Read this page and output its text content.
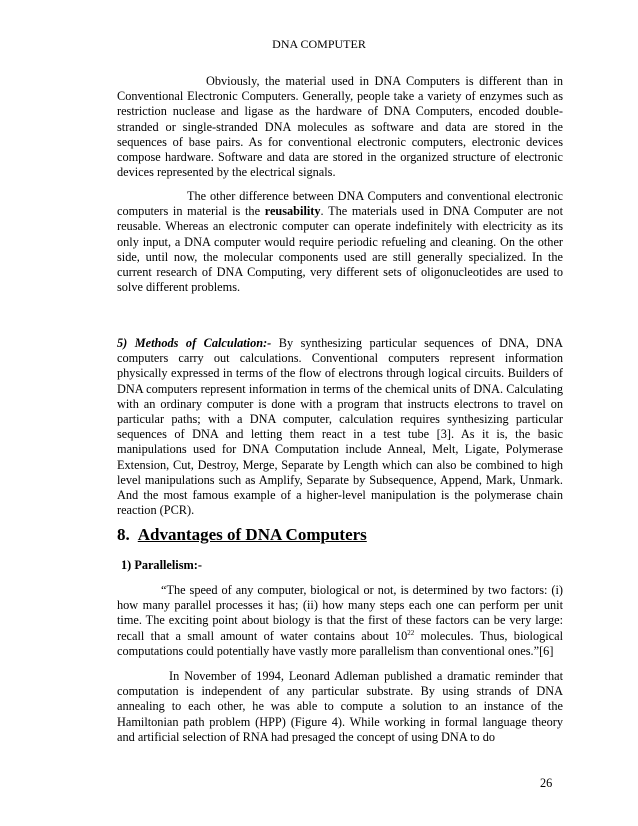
DNA COMPUTER

Obviously, the material used in DNA Computers is different than in Conventional Electronic Computers. Generally, people take a variety of enzymes such as restriction nuclease and ligase as the hardware of DNA Computers, encoded double-stranded or single-stranded DNA molecules as software and data are stored in the sequences of base pairs. As for conventional electronic computers, electronic devices compose hardware. Software and data are stored in the organized structure of electronic devices represented by the electrical signals.

The other difference between DNA Computers and conventional electronic computers in material is the reusability. The materials used in DNA Computer are not reusable. Whereas an electronic computer can operate indefinitely with electricity as its only input, a DNA computer would require periodic refueling and cleaning. On the other side, until now, the molecular components used are still generally specialized. In the current research of DNA Computing, very different sets of oligonucleotides are used to solve different problems.

5) Methods of Calculation:- By synthesizing particular sequences of DNA, DNA computers carry out calculations. Conventional computers represent information physically expressed in terms of the flow of electrons through logical circuits. Builders of DNA computers represent information in terms of the chemical units of DNA. Calculating with an ordinary computer is done with a program that instructs electrons to travel on particular paths; with a DNA computer, calculation requires synthesizing particular sequences of DNA and letting them react in a test tube [3]. As it is, the basic manipulations used for DNA Computation include Anneal, Melt, Ligate, Polymerase Extension, Cut, Destroy, Merge, Separate by Length which can also be combined to high level manipulations such as Amplify, Separate by Subsequence, Append, Mark, Unmark. And the most famous example of a higher-level manipulation is the polymerase chain reaction (PCR).

8. Advantages of DNA Computers
1) Parallelism:-

“The speed of any computer, biological or not, is determined by two factors: (i) how many parallel processes it has; (ii) how many steps each one can perform per unit time. The exciting point about biology is that the first of these factors can be very large: recall that a small amount of water contains about $10^{22}$ molecules. Thus, biological computations could potentially have vastly more parallelism than conventional ones.”[6]

In November of 1994, Leonard Adleman published a dramatic reminder that computation is independent of any particular substrate. By using strands of DNA annealing to each other, he was able to compute a solution to an instance of the Hamiltonian path problem (HPP) (Figure 4). While working in formal language theory and artificial selection of RNA had presaged the concept of using DNA to do

26
